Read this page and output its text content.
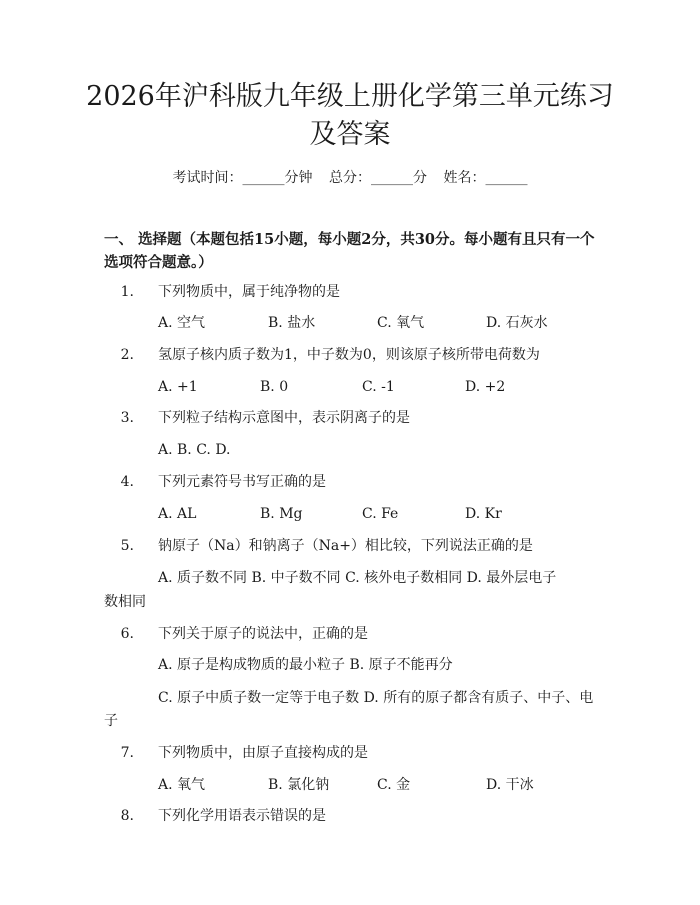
2026年沪科版九年级上册化学第三单元练习
及答案
考试时间：______分钟 总分：______分 姓名：______
一、 选择题（本题包括15小题，每小题2分，共30分。每小题有且只有一个选项符合题意。）
1. 下列物质中，属于纯净物的是
A. 空气	B. 盐水	C. 氧气	D. 石灰水
2. 氢原子核内质子数为1，中子数为0，则该原子核所带电荷数为
A. +1	B. 0	C. -1	D. +2
3. 下列粒子结构示意图中，表示阴离子的是
A. B. C. D.
4. 下列元素符号书写正确的是
A. AL	B. Mg	C. Fe	D. Kr
5. 钠原子（Na）和钠离子（Na+）相比较，下列说法正确的是
A. 质子数不同 B. 中子数不同 C. 核外电子数相同 D. 最外层电子
数相同
6. 下列关于原子的说法中，正确的是
A. 原子是构成物质的最小粒子 B. 原子不能再分
C. 原子中质子数一定等于电子数 D. 所有的原子都含有质子、中子、电
子
7. 下列物质中，由原子直接构成的是
A. 氧气	B. 氯化钠	C. 金	D. 干冰
8. 下列化学用语表示错误的是
